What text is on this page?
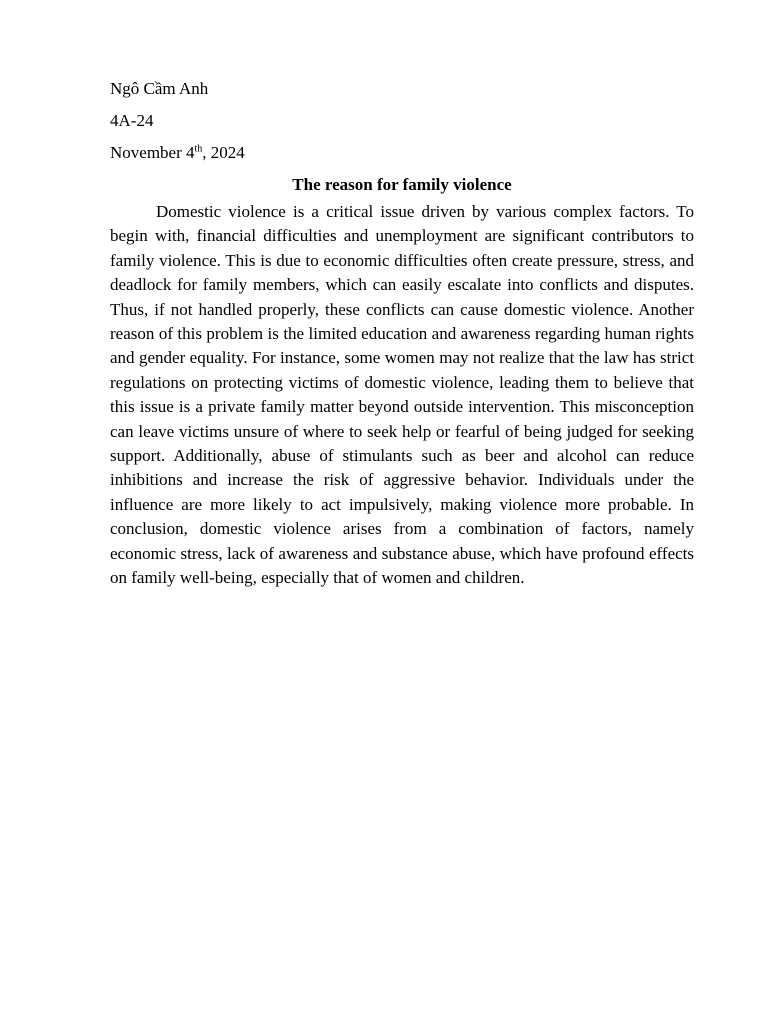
Ngô Cầm Anh

4A-24

November 4th, 2024

The reason for family violence

Domestic violence is a critical issue driven by various complex factors. To begin with, financial difficulties and unemployment are significant contributors to family violence. This is due to economic difficulties often create pressure, stress, and deadlock for family members, which can easily escalate into conflicts and disputes. Thus, if not handled properly, these conflicts can cause domestic violence. Another reason of this problem is the limited education and awareness regarding human rights and gender equality. For instance, some women may not realize that the law has strict regulations on protecting victims of domestic violence, leading them to believe that this issue is a private family matter beyond outside intervention. This misconception can leave victims unsure of where to seek help or fearful of being judged for seeking support. Additionally, abuse of stimulants such as beer and alcohol can reduce inhibitions and increase the risk of aggressive behavior. Individuals under the influence are more likely to act impulsively, making violence more probable. In conclusion, domestic violence arises from a combination of factors, namely economic stress, lack of awareness and substance abuse, which have profound effects on family well-being, especially that of women and children.
